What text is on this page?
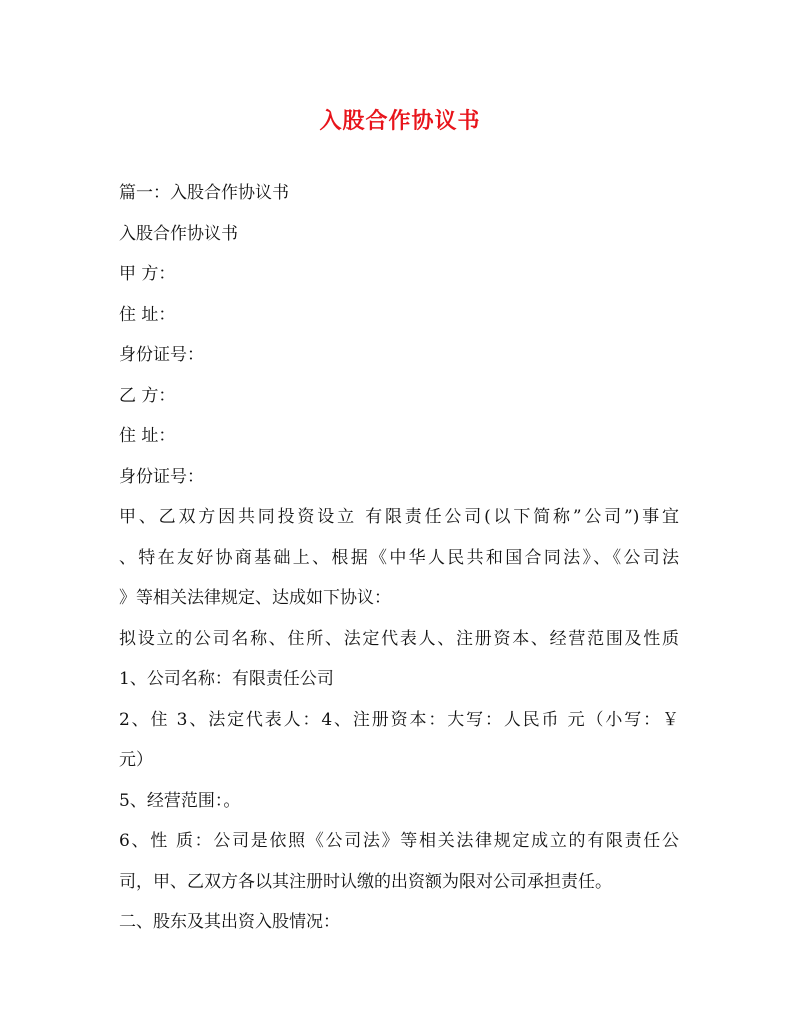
入股合作协议书
篇一：入股合作协议书
入股合作协议书
甲 方：
住 址：
身份证号：
乙 方：
住 址：
身份证号：
甲、乙双方因共同投资设立 有限责任公司(以下简称”公司”)事宜
、特在友好协商基础上、根据《中华人民共和国合同法》、《公司法
》等相关法律规定、达成如下协议：
拟设立的公司名称、住所、法定代表人、注册资本、经营范围及性质
1、公司名称：有限责任公司
2、住 3、法定代表人：4、注册资本：大写：人民币 元（小写：￥
元）
5、经营范围：。
6、性 质：公司是依照《公司法》等相关法律规定成立的有限责任公
司，甲、乙双方各以其注册时认缴的出资额为限对公司承担责任。
二、股东及其出资入股情况：
